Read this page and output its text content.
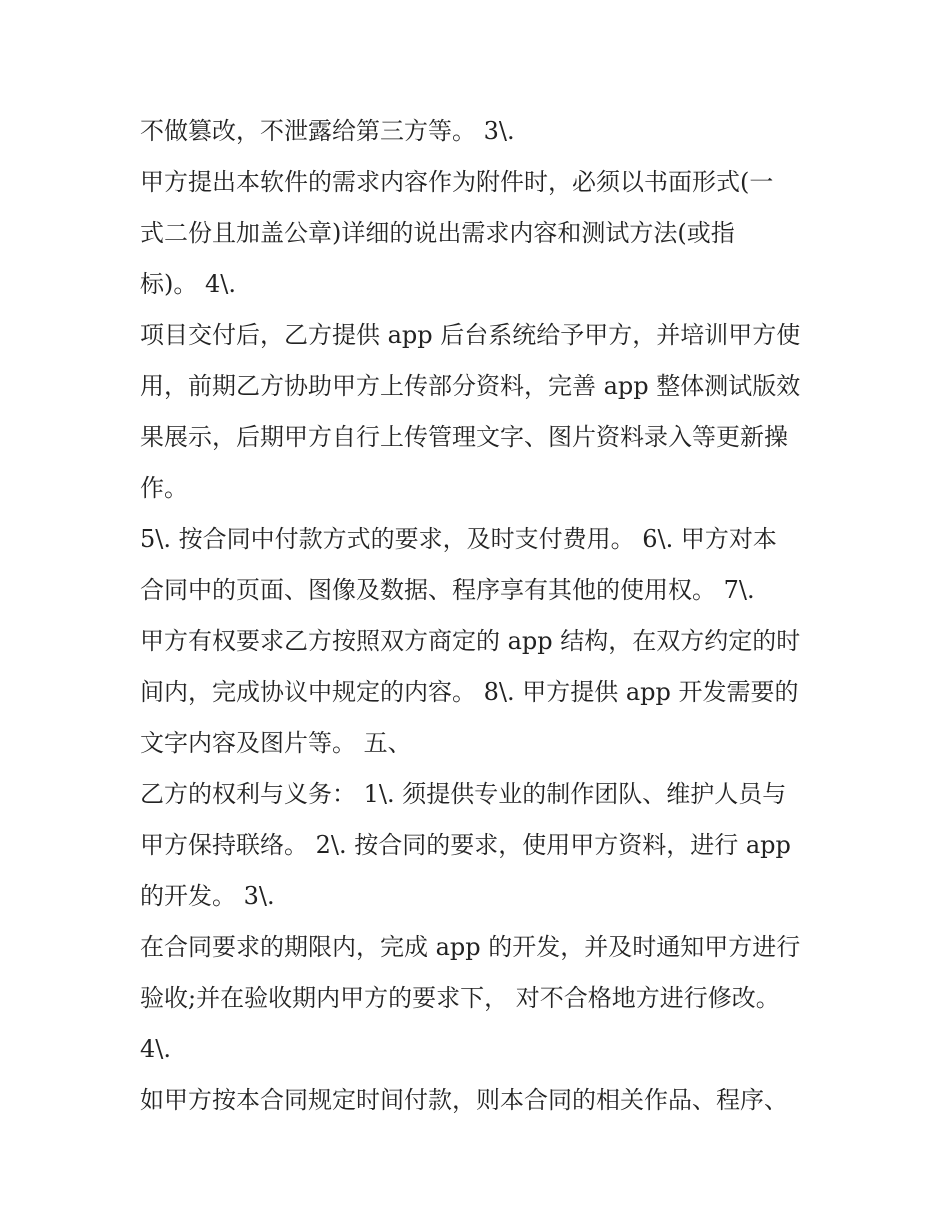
不做篡改，不泄露给第三方等。 3\.
甲方提出本软件的需求内容作为附件时，必须以书面形式(一
式二份且加盖公章)详细的说出需求内容和测试方法(或指
标)。 4\.
项目交付后，乙方提供 app 后台系统给予甲方，并培训甲方使
用，前期乙方协助甲方上传部分资料，完善 app 整体测试版效
果展示，后期甲方自行上传管理文字、图片资料录入等更新操
作。
5\. 按合同中付款方式的要求，及时支付费用。 6\. 甲方对本
合同中的页面、图像及数据、程序享有其他的使用权。 7\.
甲方有权要求乙方按照双方商定的 app 结构，在双方约定的时
间内，完成协议中规定的内容。 8\. 甲方提供 app 开发需要的
文字内容及图片等。 五、
乙方的权利与义务： 1\. 须提供专业的制作团队、维护人员与
甲方保持联络。 2\. 按合同的要求，使用甲方资料，进行 app
的开发。 3\.
在合同要求的期限内，完成 app 的开发，并及时通知甲方进行
验收;并在验收期内甲方的要求下， 对不合格地方进行修改。
4\.
如甲方按本合同规定时间付款，则本合同的相关作品、程序、
